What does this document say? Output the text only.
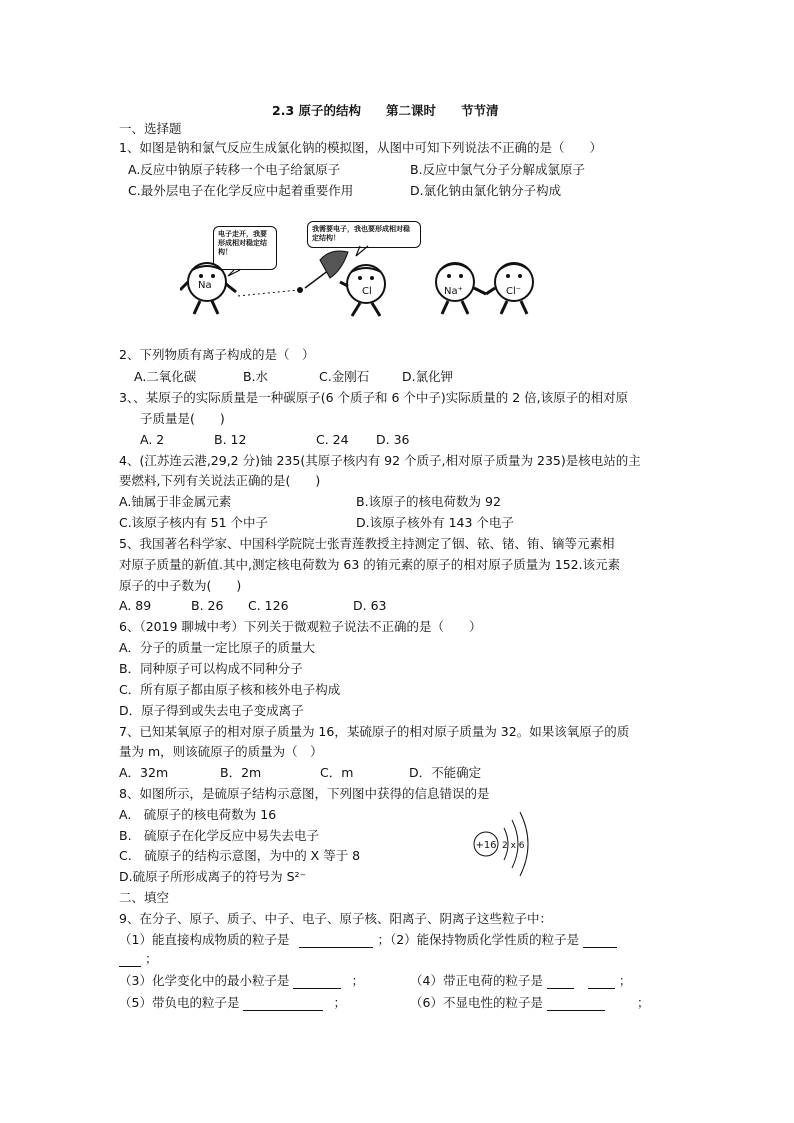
2.3 原子的结构　　第二课时　　节节清
一、选择题
1、如图是钠和氯气反应生成氯化钠的模拟图，从图中可知下列说法不正确的是（　　）
A.反应中钠原子转移一个电子给氯原子	B.反应中氯气分子分解成氯原子
C.最外层电子在化学反应中起着重要作用	D.氯化钠由氯化钠分子构成
电子走开，我要形成相对稳定结构！
我需要电子，我也要形成相对稳定结构！
Na
Cl	Na⁺	Cl⁻
2、下列物质有离子构成的是（　）
A.二氧化碳	B.水	C.金刚石	D.氯化钾
3、、某原子的实际质量是一种碳原子(6 个质子和 6 个中子)实际质量的 2 倍,该原子的相对原
子质量是(　　)
A. 2	B. 12	C. 24 D. 36
4、(江苏连云港,29,2 分)铀 235(其原子核内有 92 个质子,相对原子质量为 235)是核电站的主
要燃料,下列有关说法正确的是(　　)
A.铀属于非金属元素	B.该原子的核电荷数为 92
C.该原子核内有 51 个中子	D.该原子核外有 143 个电子
5、我国著名科学家、中国科学院院士张青莲教授主持测定了铟、铱、锗、铕、镝等元素相
对原子质量的新值.其中,测定核电荷数为 63 的铕元素的原子的相对原子质量为 152.该元素
原子的中子数为(　　)
A. 89	B. 26 C. 126	D. 63
6、（2019 聊城中考）下列关于微观粒子说法不正确的是（　　）
A．分子的质量一定比原子的质量大
B．同种原子可以构成不同种分子
C．所有原子都由原子核和核外电子构成
D．原子得到或失去电子变成离子
7、已知某氧原子的相对原子质量为 16，某硫原子的相对原子质量为 32。如果该氧原子的质
量为 m，则该硫原子的质量为（　）
A．32m	B．2m	C．m	D．不能确定
8、如图所示，是硫原子结构示意图，下列图中获得的信息错误的是
A.　硫原子的核电荷数为 16
B.　硫原子在化学反应中易失去电子
C.　硫原子的结构示意图，为中的 X 等于 8
D.硫原子所形成离子的符号为 S²⁻
+16 2 x 6
二、填空
9、在分子、原子、质子、中子、电子、原子核、阳离子、阴离子这些粒子中：
（1）能直接构成物质的粒子是	；（2）能保持物质化学性质的粒子是
；
（3）化学变化中的最小粒子是	；	（4）带正电荷的粒子是	；
（5）带负电的粒子是	；	（6）不显电性的粒子是	；
